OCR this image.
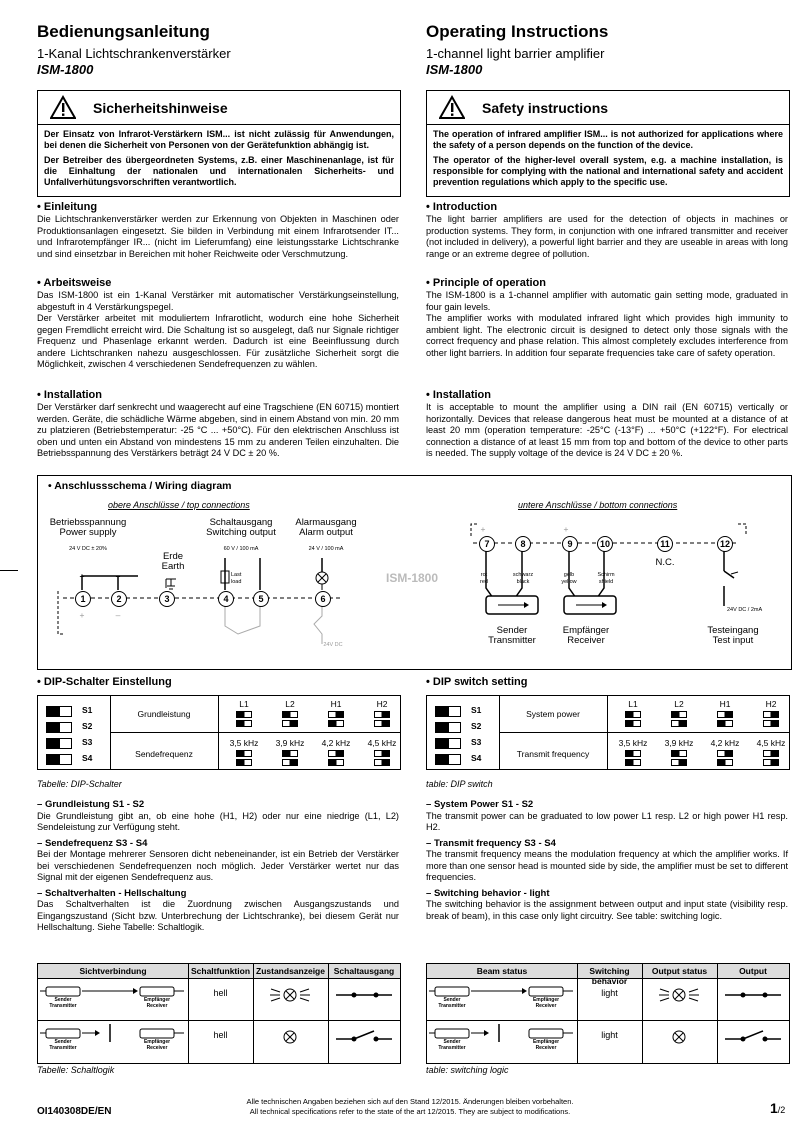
Bedienungsanleitung
1-Kanal Lichtschrankenverstärker
ISM-1800
Operating Instructions
1-channel light barrier amplifier
ISM-1800
Sicherheitshinweise

Der Einsatz von Infrarot-Verstärkern ISM... ist nicht zulässig für Anwendungen, bei denen die Sicherheit von Personen von der Gerätefunktion abhängig ist.

Der Betreiber des übergeordneten Systems, z.B. einer Maschinenanlage, ist für die Einhaltung der nationalen und internationalen Sicherheits- und Unfallverhütungsvorschriften verantwortlich.

Safety instructions

The operation of infrared amplifier ISM... is not authorized for applications where the safety of a person depends on the function of the device.

The operator of the higher-level overall system, e.g. a machine installation, is responsible for complying with the national and international safety and accident prevention regulations which apply to the specific use.

• Einleitung

Die Lichtschrankenverstärker werden zur Erkennung von Objekten in Maschinen oder Produktionsanlagen eingesetzt. Sie bilden in Verbindung mit einem Infrarotsender IT... und Infrarotempfänger IR... (nicht im Lieferumfang) eine leistungsstarke Lichtschranke und sind einsetzbar in Bereichen mit hoher Reichweite oder Verschmutzung.

• Introduction

The light barrier amplifiers are used for the detection of objects in machines or production systems. They form, in conjunction with one infrared transmitter and receiver (not included in delivery), a powerful light barrier and they are useable in areas with long range or an extreme degree of pollution.

• Arbeitsweise

Das ISM-1800 ist ein 1-Kanal Verstärker mit automatischer Verstärkungseinstellung, abgestuft in 4 Verstärkungspegel.

Der Verstärker arbeitet mit moduliertem Infrarotlicht, wodurch eine hohe Sicherheit gegen Fremdlicht erreicht wird. Die Schaltung ist so ausgelegt, daß nur Signale richtiger Frequenz und Phasenlage erkannt werden. Dadurch ist eine Beeinflussung durch andere Lichtschranken nahezu ausgeschlossen. Für zusätzliche Sicherheit sorgt die Möglichkeit, zwischen 4 verschiedenen Sendefrequenzen zu wählen.

• Principle of operation

The ISM-1800 is a 1-channel amplifier with automatic gain setting mode, graduated in four gain levels.

The amplifier works with modulated infrared light which provides high immunity to ambient light. The electronic circuit is designed to detect only those signals with the correct frequency and phase relation. This almost completely excludes interference from other light barriers. In addition four separate frequencies take care of safety operation.

• Installation

Der Verstärker darf senkrecht und waagerecht auf eine Tragschiene (EN 60715) montiert werden. Geräte, die schädliche Wärme abgeben, sind in einem Abstand von min. 20 mm zu platzieren (Betriebstemperatur: -25 °C ... +50°C). Für den elektrischen Anschluss ist oben und unten ein Abstand von mindestens 15 mm zu anderen Teilen einzuhalten. Die Betriebsspannung des Verstärkers beträgt 24 V DC ± 20 %.

• Installation

It is acceptable to mount the amplifier using a DIN rail (EN 60715) vertically or horizontally. Devices that release dangerous heat must be mounted at a distance of at least 20 mm (operation temperature: -25°C (-13°F) ... +50°C (+122°F). For electrical connection a distance of at least 15 mm from top and bottom of the device to other parts is needed. The supply voltage of the device is 24 V DC ± 20 %.

• Anschlussschema / Wiring diagram
obere Anschlüsse / top connections	untere Anschlüsse / bottom connections
Betriebsspannung
Power supply
24 V DC ± 20%
Erde
Earth
Schaltausgang
Switching output
60 V / 100 mA
Alarmausgang
Alarm output
24 V / 100 mA
Last load
24V DC
ISM-1800
+	–
+	–
+	+
rot
red
schwarz
black
gelb
yellow
Schirm
shield
N.C.
24V DC / 2mA
Sender
Transmitter
Empfänger
Receiver
Testeingang
Test input
1	2	3	4	5	6
7	8	9	10	11	12
• DIP-Schalter Einstellung
•	DIP switch setting
S1
S2
S3
S4
Grundleistung
Sendefrequenz
L1
3,5 kHz
L2
3,9 kHz
H1
4,2 kHz
H2
4,5 kHz
S1
S2
S3
S4
System power
Transmit frequency
L1
3,5 kHz
L2
3,9 kHz
H1
4,2 kHz
H2
4,5 kHz
Tabelle: DIP-Schalter	table: DIP switch
– Grundleistung S1 - S2

Die Grundleistung gibt an, ob eine hohe (H1, H2) oder nur eine niedrige (L1, L2) Sendeleistung zur Verfügung steht.

– Sendefrequenz S3 - S4

Bei der Montage mehrerer Sensoren dicht nebeneinander, ist ein Betrieb der Verstärker bei verschiedenen Sendefrequenzen noch möglich. Jeder Verstärker wertet nur das Signal mit der eigenen Sendefrequenz aus.

– Schaltverhalten - Hellschaltung

Das Schaltverhalten ist die Zuordnung zwischen Ausgangszustands und Eingangszustand (Sicht bzw. Unterbrechung der Lichtschranke), bei diesem Gerät nur Hellschaltung. Siehe Tabelle: Schaltlogik.

– System Power S1 - S2

The transmit power can be graduated to low power L1 resp. L2 or high power H1 resp. H2.

– Transmit frequency S3 - S4

The transmit frequency means the modulation frequency at which the amplifier works. If more than one sensor head is mounted side by side, the amplifier must be set to different frequencies.

– Switching behavior - light

The switching behavior is the assignment between output and input state (visibility resp. break of beam), in this case only light circuitry. See table: switching logic.

Sichtverbindung	Schaltfunktion Zustandsanzeige	Schaltausgang
Sender
Transmitter
Empfänger
Receiver
hell
Sender
Transmitter
Empfänger
Receiver
hell
Beam status	Switching behavior
Output status	Output
Sender
Transmitter
Empfänger
Receiver
light
Sender
Transmitter
Empfänger
Receiver
light
Tabelle: Schaltlogik	table: switching logic
OI140308DE/EN
Alle technischen Angaben beziehen sich auf den Stand 12/2015. Änderungen bleiben vorbehalten.
All technical specifications refer to the state of the art 12/2015. They are subject to modifications.	1/2
